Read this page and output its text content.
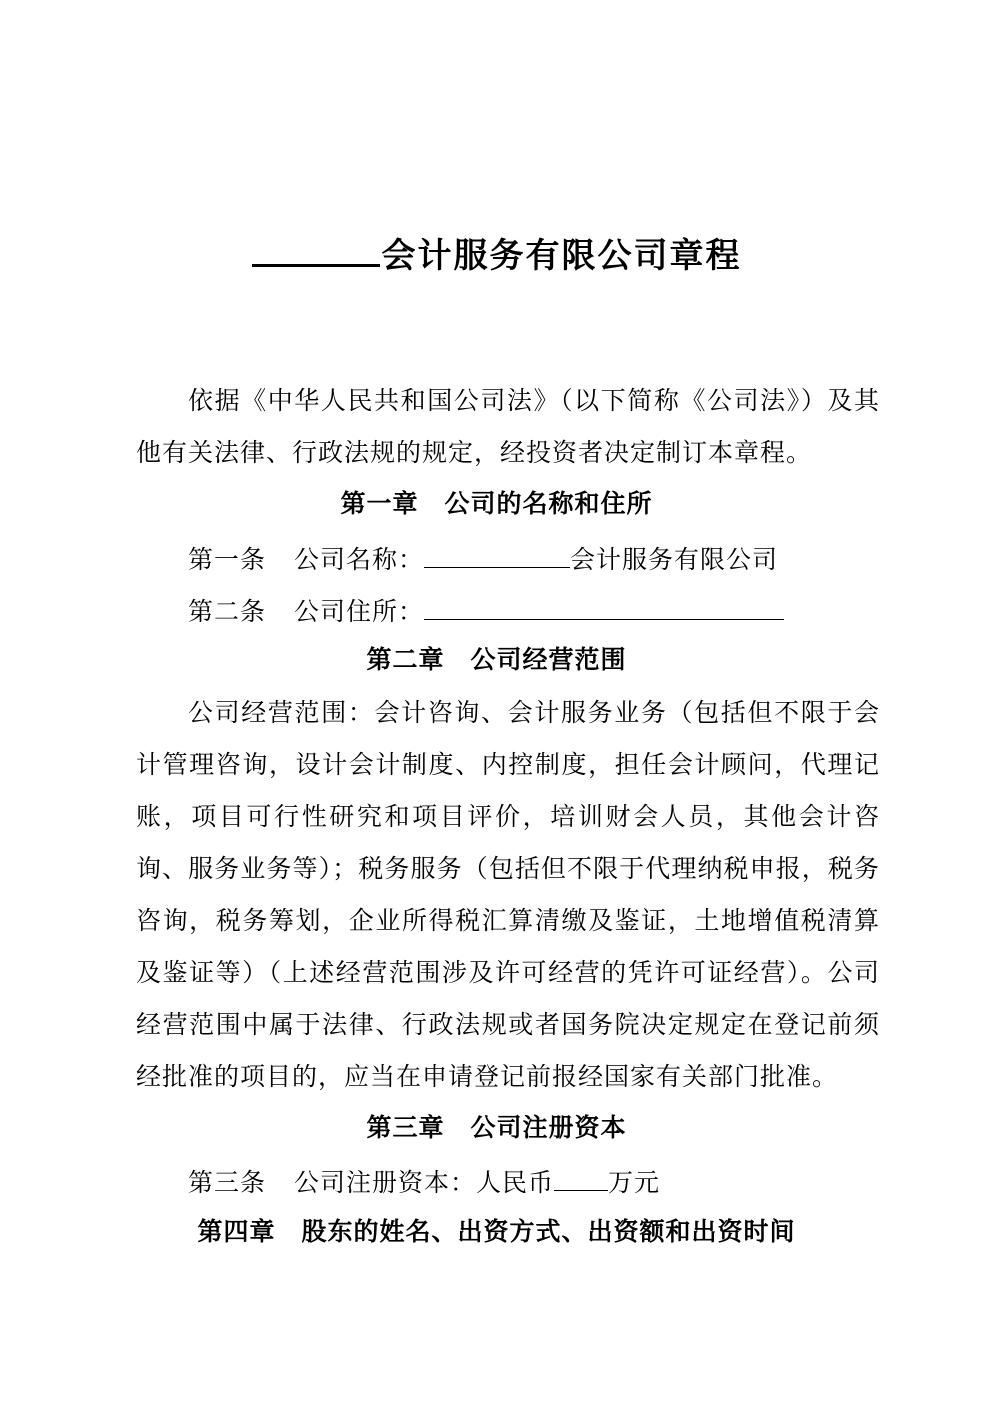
会计服务有限公司章程
依据《中华人民共和国公司法》（以下简称《公司法》）及其他有关法律、行政法规的规定，经投资者决定制订本章程。
第一章　公司的名称和住所
第一条 公司名称：	会计服务有限公司
第二条 公司住所：
第二章　公司经营范围
公司经营范围：会计咨询、会计服务业务（包括但不限于会计管理咨询，设计会计制度、内控制度，担任会计顾问，代理记账，项目可行性研究和项目评价，培训财会人员，其他会计咨询、服务业务等）；税务服务（包括但不限于代理纳税申报，税务咨询，税务筹划，企业所得税汇算清缴及鉴证，土地增值税清算及鉴证等）（上述经营范围涉及许可经营的凭许可证经营）。公司经营范围中属于法律、行政法规或者国务院决定规定在登记前须经批准的项目的，应当在申请登记前报经国家有关部门批准。
第三章　公司注册资本
第三条 公司注册资本：人民币 万元
第四章　股东的姓名、出资方式、出资额和出资时间
